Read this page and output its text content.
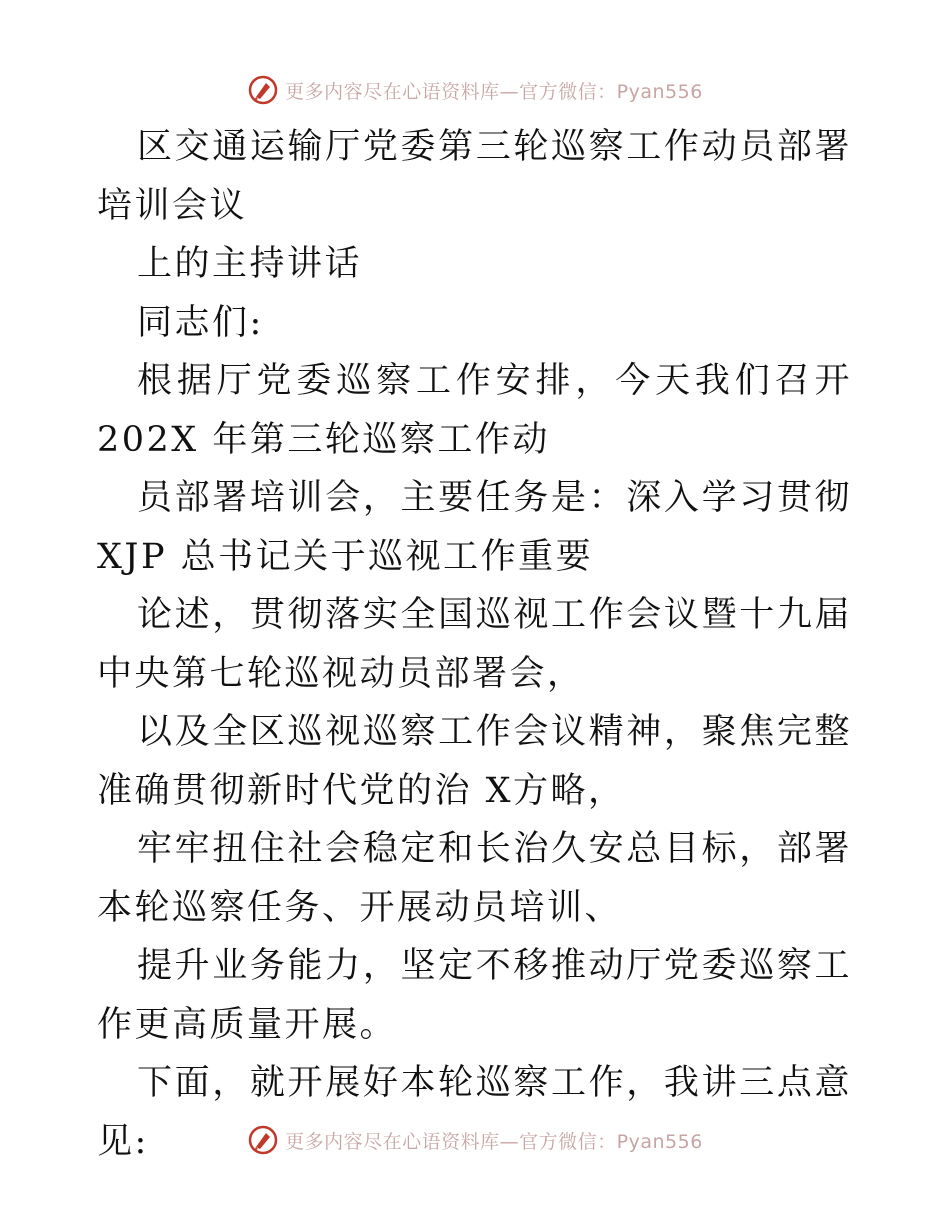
更多内容尽在心语资料库—官方微信：Pyan556

区交通运输厅党委第三轮巡察工作动员部署培训会议

上的主持讲话

同志们:

根据厅党委巡察工作安排，今天我们召开 202X 年第三轮巡察工作动

员部署培训会，主要任务是：深入学习贯彻 XJP 总书记关于巡视工作重要

论述，贯彻落实全国巡视工作会议暨十九届中央第七轮巡视动员部署会，

以及全区巡视巡察工作会议精神，聚焦完整准确贯彻新时代党的治 X方略，

牢牢扭住社会稳定和长治久安总目标，部署本轮巡察任务、开展动员培训、

提升业务能力，坚定不移推动厅党委巡察工作更高质量开展。

下面，就开展好本轮巡察工作，我讲三点意见:	更多内容尽在心语资料库—官方微信：Pyan556
